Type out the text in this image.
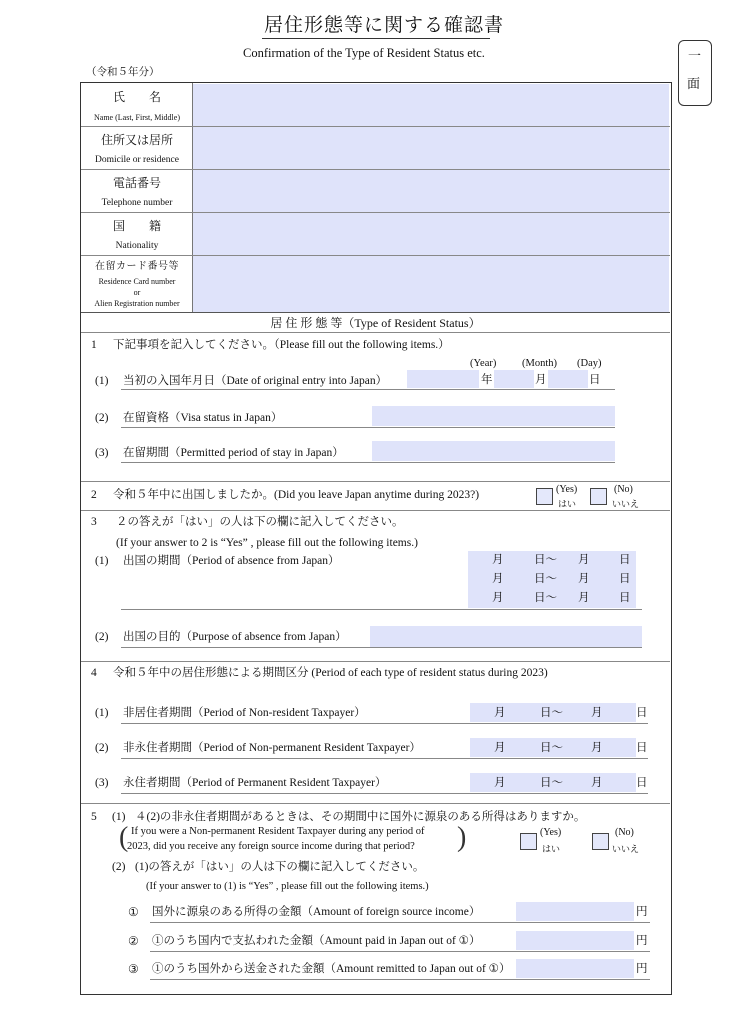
居住形態等に関する確認書
Confirmation of the Type of Resident Status etc.
（令和５年分）
一
面
氏　　名
Name (Last, First, Middle)
住所又は居所
Domicile or residence
電話番号
Telephone number
国　　籍
Nationality
在留カード番号等
Residence Card number
or
Alien Registration number
居 住 形 態 等（Type of Resident Status）
1 下記事項を記入してください。（Please fill out the following items.）
(Year) (Month) (Day)
(1) 当初の入国年月日（Date of original entry into Japan）	年	月	日
(2) 在留資格（Visa status in Japan）
(3) 在留期間（Permitted period of stay in Japan）
2 令和５年中に出国しましたか。(Did you leave Japan anytime during 2023?)	(Yes)
はい
(No)
いいえ
3 ２の答えが「はい」の人は下の欄に記入してください。
(If your answer to 2 is “Yes” , please fill out the following items.)
(1) 出国の期間（Period of absence from Japan）	月	日〜 月	日
月	日〜 月	日
月	日〜 月	日
(2) 出国の目的（Purpose of absence from Japan）
4 令和５年中の居住形態による期間区分 (Period of each type of resident status during 2023)
(1) 非居住者期間（Period of Non-resident Taxpayer）	月	日〜 月	日
(2) 非永住者期間（Period of Non-permanent Resident Taxpayer）	月	日〜 月	日
(3) 永住者期間（Period of Permanent Resident Taxpayer）	月	日〜 月	日
5 (1) ４(2)の非永住者期間があるときは、その期間中に国外に源泉のある所得はありますか。
( If you were a Non-permanent Resident Taxpayer during any period of
2023, did you receive any foreign source income during that period? )	(Yes)
はい
(No)
いいえ
(2) (1)の答えが「はい」の人は下の欄に記入してください。
(If your answer to (1) is “Yes” , please fill out the following items.)
① 国外に源泉のある所得の金額（Amount of foreign source income）	円
② ①のうち国内で支払われた金額（Amount paid in Japan out of ①）	円
③ ①のうち国外から送金された金額（Amount remitted to Japan out of ①）	円
